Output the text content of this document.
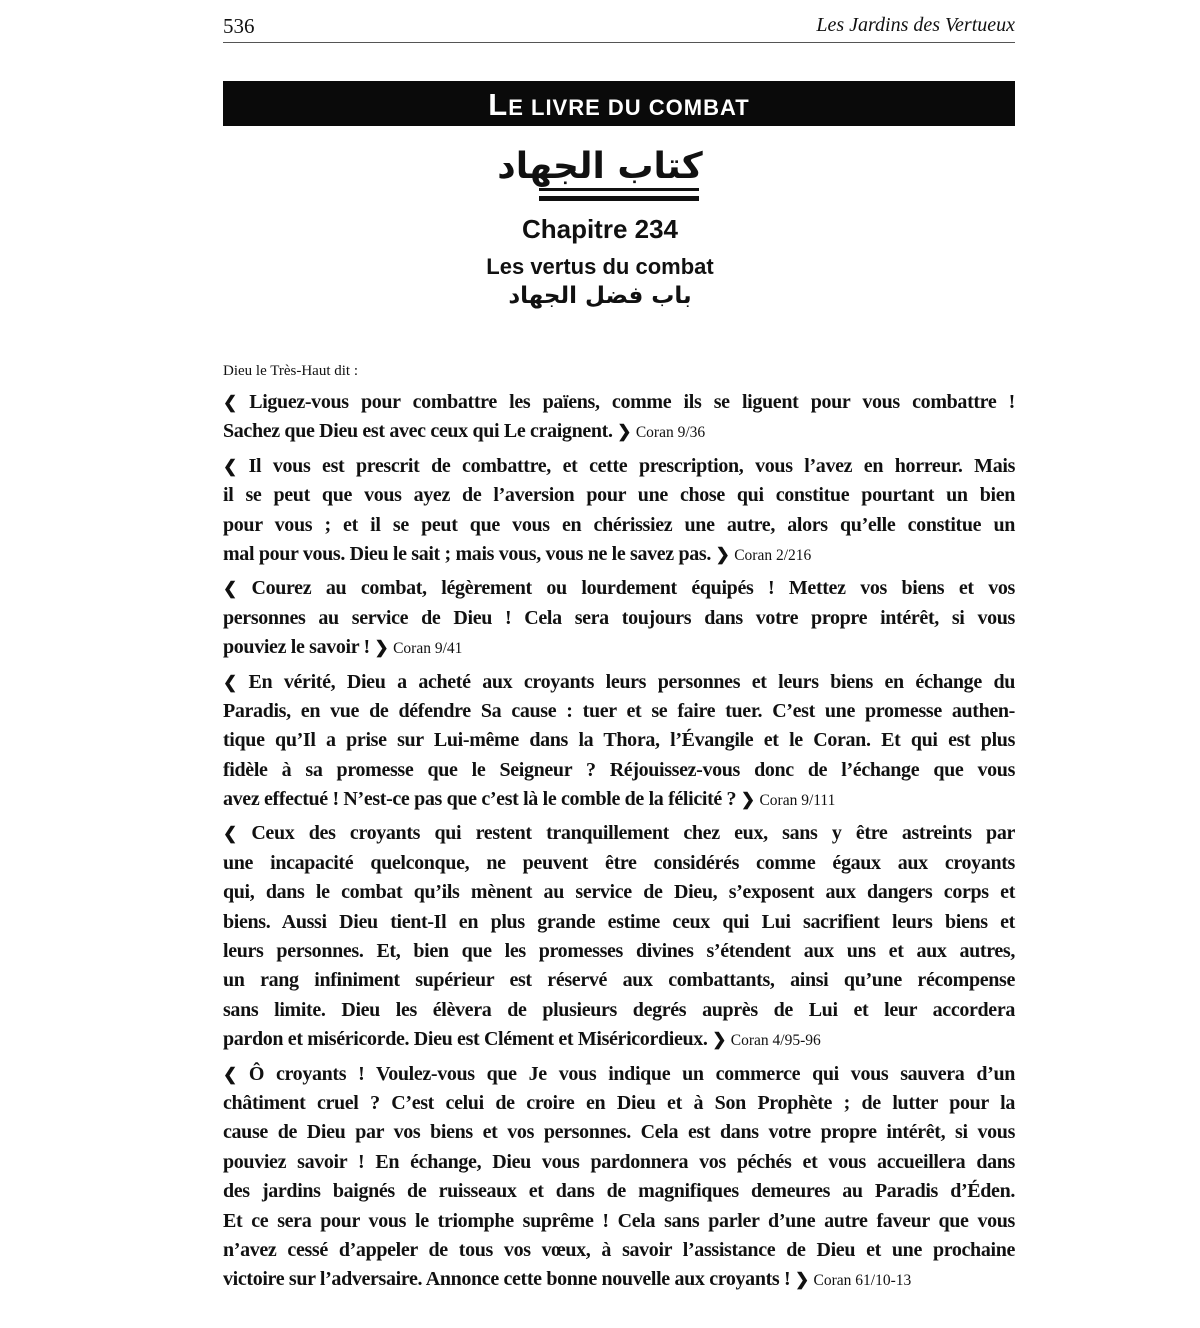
536	Les Jardins des Vertueux
LE LIVRE DU COMBAT
كتاب الجهاد
Chapitre 234
Les vertus du combat
باب فضل الجهاد
Dieu le Très-Haut dit :
❮ Liguez-vous pour combattre les païens, comme ils se liguent pour vous combattre !
Sachez que Dieu est avec ceux qui Le craignent. ❯ Coran 9/36
❮ Il vous est prescrit de combattre, et cette prescription, vous l’avez en horreur. Mais
il se peut que vous ayez de l’aversion pour une chose qui constitue pourtant un bien
pour vous ; et il se peut que vous en chérissiez une autre, alors qu’elle constitue un
mal pour vous. Dieu le sait ; mais vous, vous ne le savez pas. ❯ Coran 2/216
❮ Courez au combat, légèrement ou lourdement équipés ! Mettez vos biens et vos
personnes au service de Dieu ! Cela sera toujours dans votre propre intérêt, si vous
pouviez le savoir ! ❯ Coran 9/41
❮ En vérité, Dieu a acheté aux croyants leurs personnes et leurs biens en échange du
Paradis, en vue de défendre Sa cause : tuer et se faire tuer. C’est une promesse authen-
tique qu’Il a prise sur Lui-même dans la Thora, l’Évangile et le Coran. Et qui est plus
fidèle à sa promesse que le Seigneur ? Réjouissez-vous donc de l’échange que vous
avez effectué ! N’est-ce pas que c’est là le comble de la félicité ? ❯ Coran 9/111
❮ Ceux des croyants qui restent tranquillement chez eux, sans y être astreints par
une incapacité quelconque, ne peuvent être considérés comme égaux aux croyants
qui, dans le combat qu’ils mènent au service de Dieu, s’exposent aux dangers corps et
biens. Aussi Dieu tient-Il en plus grande estime ceux qui Lui sacrifient leurs biens et
leurs personnes. Et, bien que les promesses divines s’étendent aux uns et aux autres,
un rang infiniment supérieur est réservé aux combattants, ainsi qu’une récompense
sans limite. Dieu les élèvera de plusieurs degrés auprès de Lui et leur accordera
pardon et miséricorde. Dieu est Clément et Miséricordieux. ❯ Coran 4/95-96
❮ Ô croyants ! Voulez-vous que Je vous indique un commerce qui vous sauvera d’un
châtiment cruel ? C’est celui de croire en Dieu et à Son Prophète ; de lutter pour la
cause de Dieu par vos biens et vos personnes. Cela est dans votre propre intérêt, si vous
pouviez savoir ! En échange, Dieu vous pardonnera vos péchés et vous accueillera dans
des jardins baignés de ruisseaux et dans de magnifiques demeures au Paradis d’Éden.
Et ce sera pour vous le triomphe suprême ! Cela sans parler d’une autre faveur que vous
n’avez cessé d’appeler de tous vos vœux, à savoir l’assistance de Dieu et une prochaine
victoire sur l’adversaire. Annonce cette bonne nouvelle aux croyants ! ❯ Coran 61/10-13
